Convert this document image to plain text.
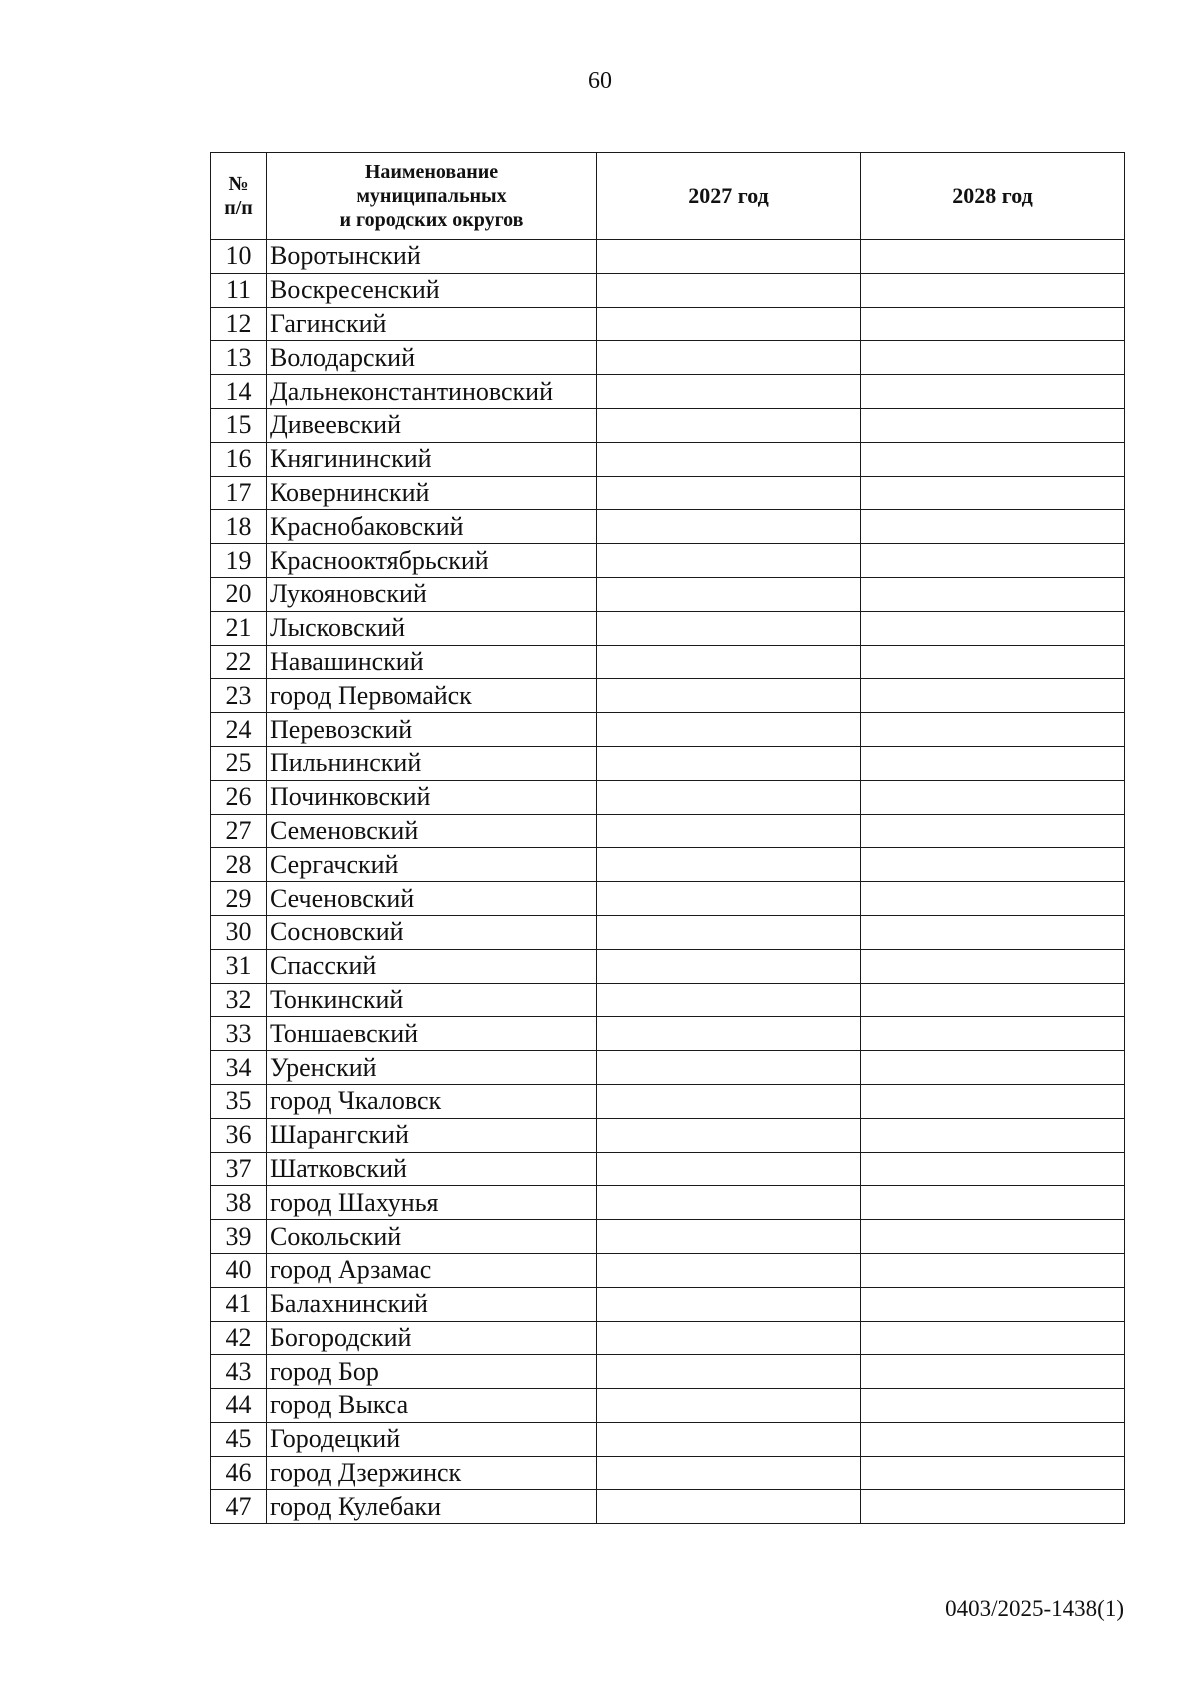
60
№
п/п	Наименование
муниципальных
и городских округов	2027 год	2028 год
10	Воротынский		
11	Воскресенский		
12	Гагинский		
13	Володарский		
14	Дальнеконстантиновский		
15	Дивеевский		
16	Княгининский		
17	Ковернинский		
18	Краснобаковский		
19	Краснооктябрьский		
20	Лукояновский		
21	Лысковский		
22	Навашинский		
23	город Первомайск		
24	Перевозский		
25	Пильнинский		
26	Починковский		
27	Семеновский		
28	Сергачский		
29	Сеченовский		
30	Сосновский		
31	Спасский		
32	Тонкинский		
33	Тоншаевский		
34	Уренский		
35	город Чкаловск		
36	Шарангский		
37	Шатковский		
38	город Шахунья		
39	Сокольский		
40	город Арзамас		
41	Балахнинский		
42	Богородский		
43	город Бор		
44	город Выкса		
45	Городецкий		
46	город Дзержинск		
47	город Кулебаки		
0403/2025-1438(1)
